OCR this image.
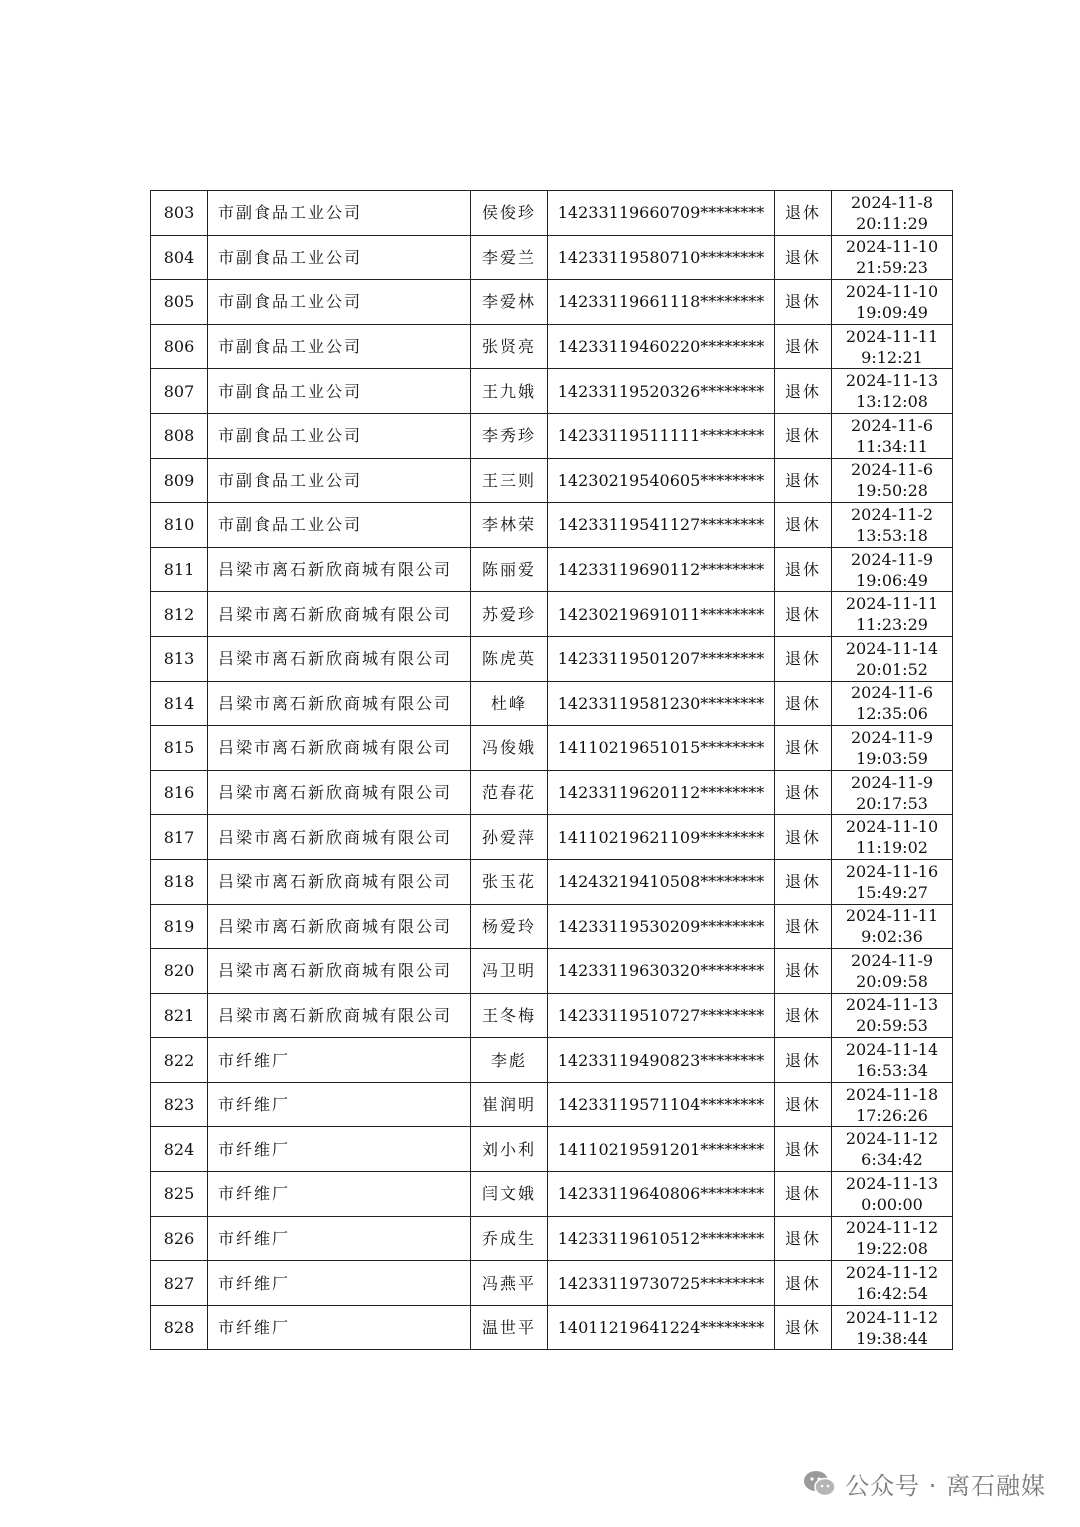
803	市副食品工业公司	侯俊珍	14233119660709********	退休	2024-11-8
20:11:29

804	市副食品工业公司	李爱兰	14233119580710********	退休	2024-11-10
21:59:23

805	市副食品工业公司	李爱林	14233119661118********	退休	2024-11-10
19:09:49

806	市副食品工业公司	张贤亮	14233119460220********	退休	2024-11-11
9:12:21

807	市副食品工业公司	王九娥	14233119520326********	退休	2024-11-13
13:12:08

808	市副食品工业公司	李秀珍	14233119511111********	退休	2024-11-6
11:34:11

809	市副食品工业公司	王三则	14230219540605********	退休	2024-11-6
19:50:28

810	市副食品工业公司	李林荣	14233119541127********	退休	2024-11-2
13:53:18

811	吕梁市离石新欣商城有限公司	陈丽爱	14233119690112********	退休	2024-11-9
19:06:49

812	吕梁市离石新欣商城有限公司	苏爱珍	14230219691011********	退休	2024-11-11
11:23:29

813	吕梁市离石新欣商城有限公司	陈虎英	14233119501207********	退休	2024-11-14
20:01:52

814	吕梁市离石新欣商城有限公司	杜峰	14233119581230********	退休	2024-11-6
12:35:06

815	吕梁市离石新欣商城有限公司	冯俊娥	14110219651015********	退休	2024-11-9
19:03:59

816	吕梁市离石新欣商城有限公司	范春花	14233119620112********	退休	2024-11-9
20:17:53

817	吕梁市离石新欣商城有限公司	孙爱萍	14110219621109********	退休	2024-11-10
11:19:02

818	吕梁市离石新欣商城有限公司	张玉花	14243219410508********	退休	2024-11-16
15:49:27

819	吕梁市离石新欣商城有限公司	杨爱玲	14233119530209********	退休	2024-11-11
9:02:36

820	吕梁市离石新欣商城有限公司	冯卫明	14233119630320********	退休	2024-11-9
20:09:58

821	吕梁市离石新欣商城有限公司	王冬梅	14233119510727********	退休	2024-11-13
20:59:53

822	市纤维厂	李彪	14233119490823********	退休	2024-11-14
16:53:34

823	市纤维厂	崔润明	14233119571104********	退休	2024-11-18
17:26:26

824	市纤维厂	刘小利	14110219591201********	退休	2024-11-12
6:34:42

825	市纤维厂	闫文娥	14233119640806********	退休	2024-11-13
0:00:00

826	市纤维厂	乔成生	14233119610512********	退休	2024-11-12
19:22:08

827	市纤维厂	冯燕平	14233119730725********	退休	2024-11-12
16:42:54

828	市纤维厂	温世平	14011219641224********	退休	2024-11-12
19:38:44
公众号 · 离石融媒
